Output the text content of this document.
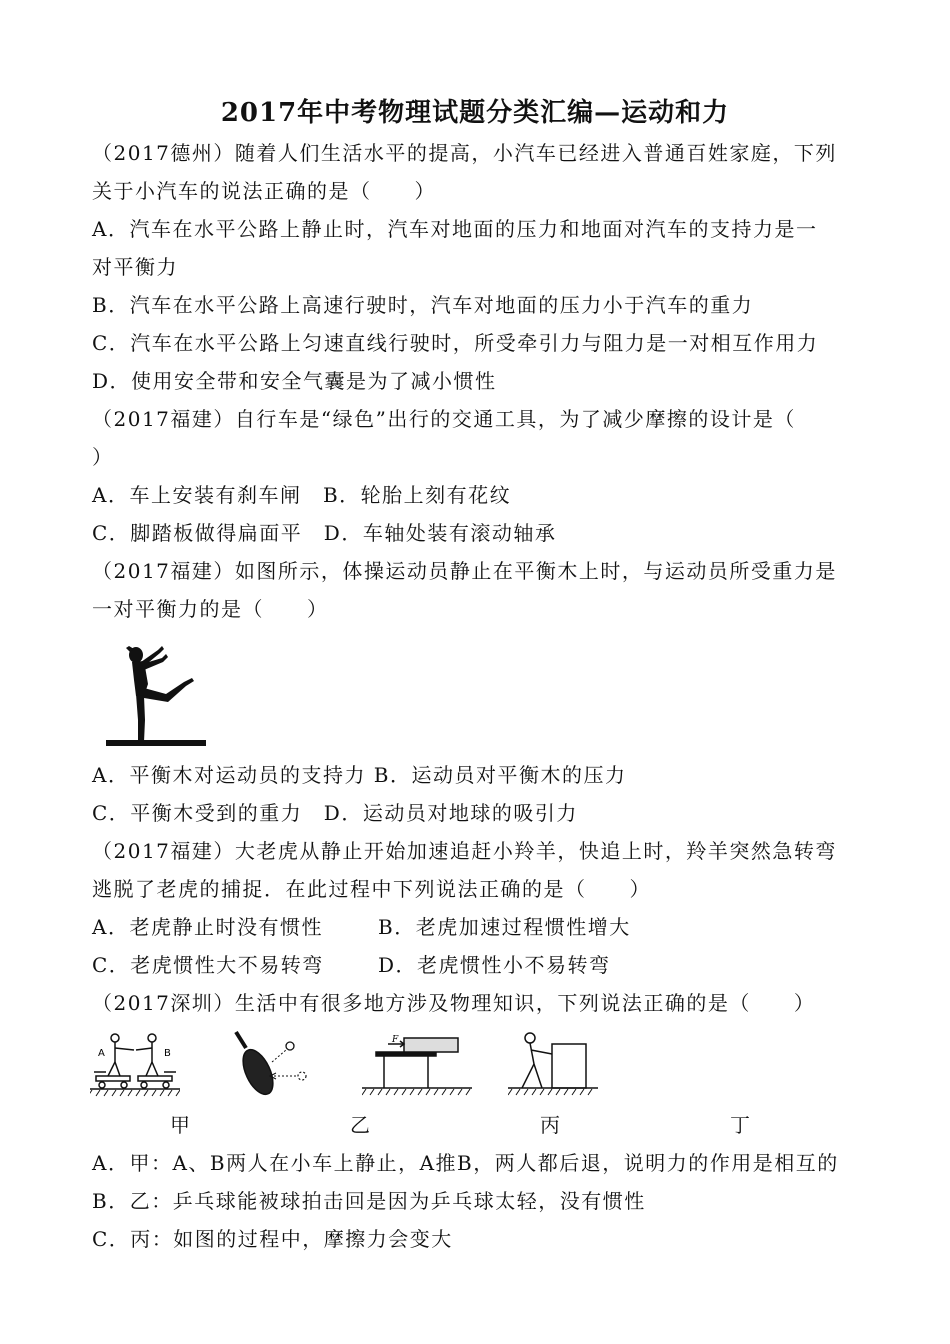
2017年中考物理试题分类汇编—运动和力
（2017德州）随着人们生活水平的提高，小汽车已经进入普通百姓家庭，下列
关于小汽车的说法正确的是（　　）
A．汽车在水平公路上静止时，汽车对地面的压力和地面对汽车的支持力是一
对平衡力
B．汽车在水平公路上高速行驶时，汽车对地面的压力小于汽车的重力
C．汽车在水平公路上匀速直线行驶时，所受牵引力与阻力是一对相互作用力
D．使用安全带和安全气囊是为了减小惯性
（2017福建）自行车是“绿色”出行的交通工具，为了减少摩擦的设计是（
）
A．车上安装有刹车闸　B．轮胎上刻有花纹
C．脚踏板做得扁面平　D．车轴处装有滚动轴承
（2017福建）如图所示，体操运动员静止在平衡木上时，与运动员所受重力是
一对平衡力的是（　　）
A．平衡木对运动员的支持力 B．运动员对平衡木的压力
C．平衡木受到的重力　D．运动员对地球的吸引力
（2017福建）大老虎从静止开始加速追赶小羚羊，快追上时，羚羊突然急转弯
逃脱了老虎的捕捉．在此过程中下列说法正确的是（　　）
A．老虎静止时没有惯性	B．老虎加速过程惯性增大
C．老虎惯性大不易转弯	D．老虎惯性小不易转弯
（2017深圳）生活中有很多地方涉及物理知识，下列说法正确的是（　　）
A	B
F
甲	乙	丙	丁
A．甲：A、B两人在小车上静止，A推B，两人都后退，说明力的作用是相互的
B．乙：乒乓球能被球拍击回是因为乒乓球太轻，没有惯性
C．丙：如图的过程中，摩擦力会变大
